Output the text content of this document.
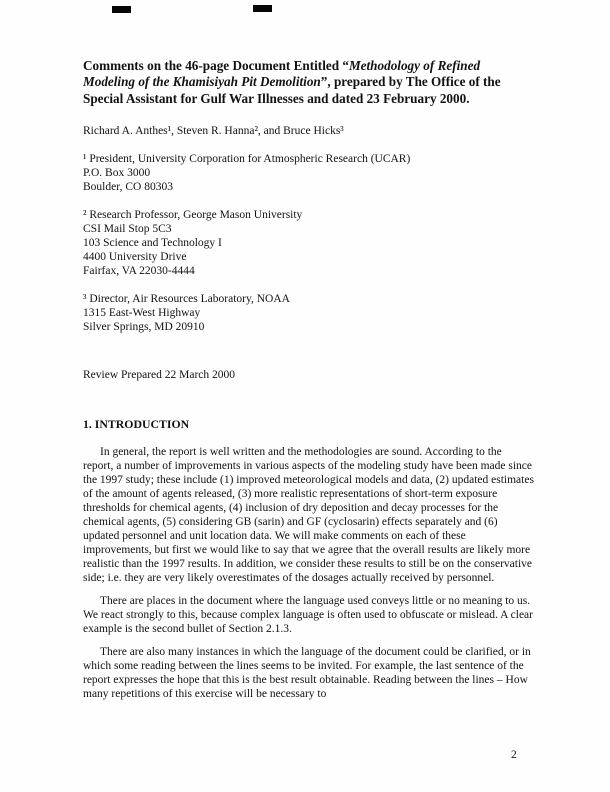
Comments on the 46-page Document Entitled “Methodology of Refined Modeling of the Khamisiyah Pit Demolition”, prepared by The Office of the Special Assistant for Gulf War Illnesses and dated 23 February 2000.

Richard A. Anthes¹, Steven R. Hanna², and Bruce Hicks³

¹ President, University Corporation for Atmospheric Research (UCAR)
P.O. Box 3000
Boulder, CO 80303
² Research Professor, George Mason University
CSI Mail Stop 5C3
103 Science and Technology I
4400 University Drive
Fairfax, VA 22030-4444
³ Director, Air Resources Laboratory, NOAA
1315 East-West Highway
Silver Springs, MD 20910

Review Prepared 22 March 2000

1. INTRODUCTION

In general, the report is well written and the methodologies are sound. According to the report, a number of improvements in various aspects of the modeling study have been made since the 1997 study; these include (1) improved meteorological models and data, (2) updated estimates of the amount of agents released, (3) more realistic representations of short-term exposure thresholds for chemical agents, (4) inclusion of dry deposition and decay processes for the chemical agents, (5) considering GB (sarin) and GF (cyclosarin) effects separately and (6) updated personnel and unit location data. We will make comments on each of these improvements, but first we would like to say that we agree that the overall results are likely more realistic than the 1997 results. In addition, we consider these results to still be on the conservative side; i.e. they are very likely overestimates of the dosages actually received by personnel.

There are places in the document where the language used conveys little or no meaning to us. We react strongly to this, because complex language is often used to obfuscate or mislead. A clear example is the second bullet of Section 2.1.3.

There are also many instances in which the language of the document could be clarified, or in which some reading between the lines seems to be invited. For example, the last sentence of the report expresses the hope that this is the best result obtainable. Reading between the lines – How many repetitions of this exercise will be necessary to

2
